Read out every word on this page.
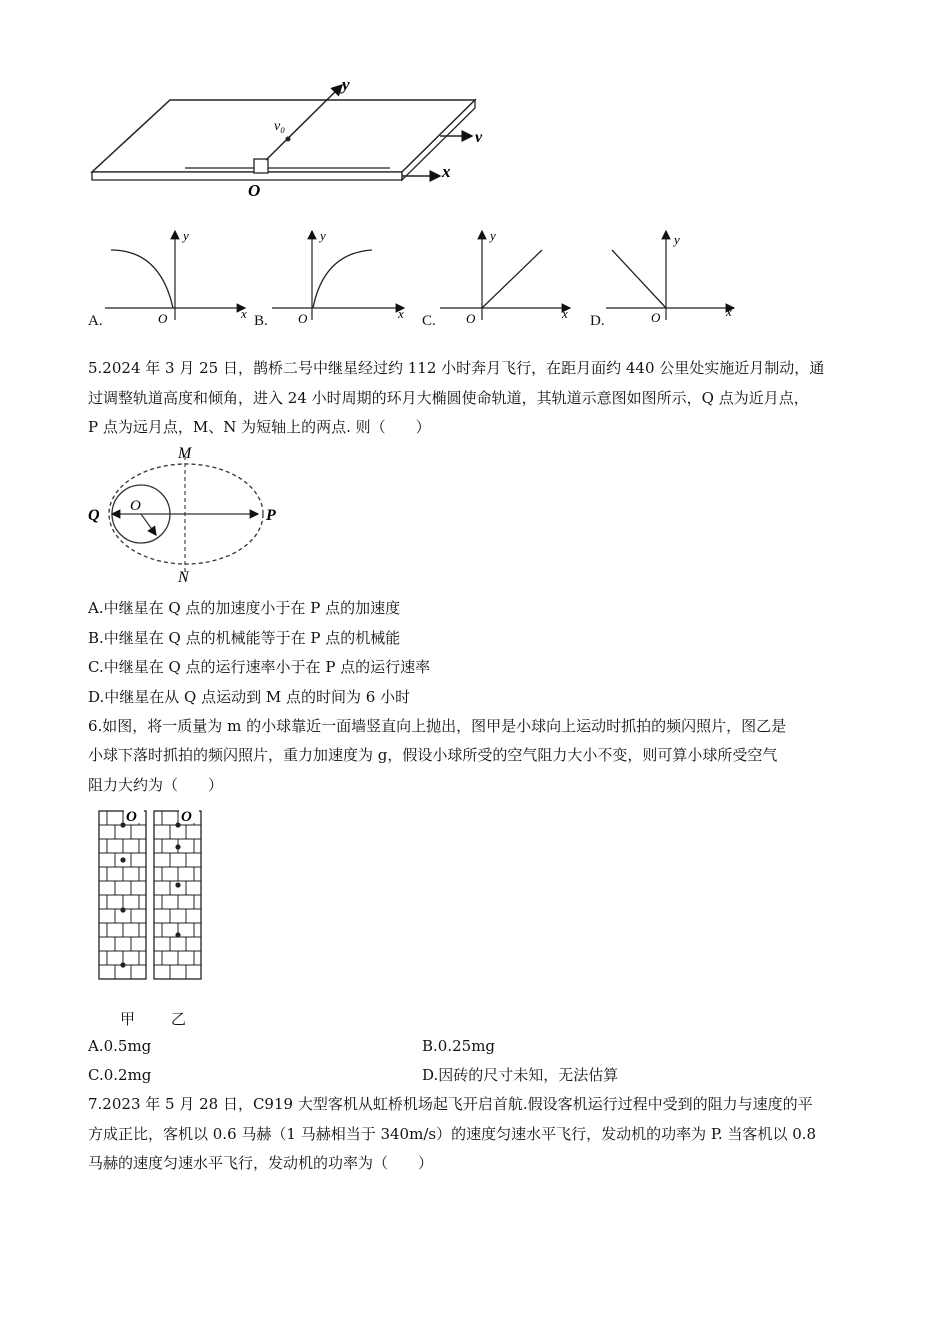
y
v₀
v
x
O
y
x
O
A.
y
x
O
B.
y
x
O
C.
y
x
O
D.
5.2024 年 3 月 25 日，鹊桥二号中继星经过约 112 小时奔月飞行，在距月面约 440 公里处实施近月制动，通
过调整轨道高度和倾角，进入 24 小时周期的环月大椭圆使命轨道，其轨道示意图如图所示，Q 点为近月点，
P 点为远月点，M、N 为短轴上的两点. 则（　　）
M
N
Q	P
O
A.中继星在 Q 点的加速度小于在 P 点的加速度
B.中继星在 Q 点的机械能等于在 P 点的机械能
C.中继星在 Q 点的运行速率小于在 P 点的运行速率
D.中继星在从 Q 点运动到 M 点的时间为 6 小时
6.如图，将一质量为 m 的小球靠近一面墙竖直向上抛出，图甲是小球向上运动时抓拍的频闪照片，图乙是
小球下落时抓拍的频闪照片，重力加速度为 g，假设小球所受的空气阻力大小不变，则可算小球所受空气
阻力大约为（　　）
O	O
甲 乙
A.0.5mg	B.0.25mg
C.0.2mg	D.因砖的尺寸未知，无法估算
7.2023 年 5 月 28 日，C919 大型客机从虹桥机场起飞开启首航.假设客机运行过程中受到的阻力与速度的平
方成正比，客机以 0.6 马赫（1 马赫相当于 340m/s）的速度匀速水平飞行，发动机的功率为 P. 当客机以 0.8
马赫的速度匀速水平飞行，发动机的功率为（　　）
